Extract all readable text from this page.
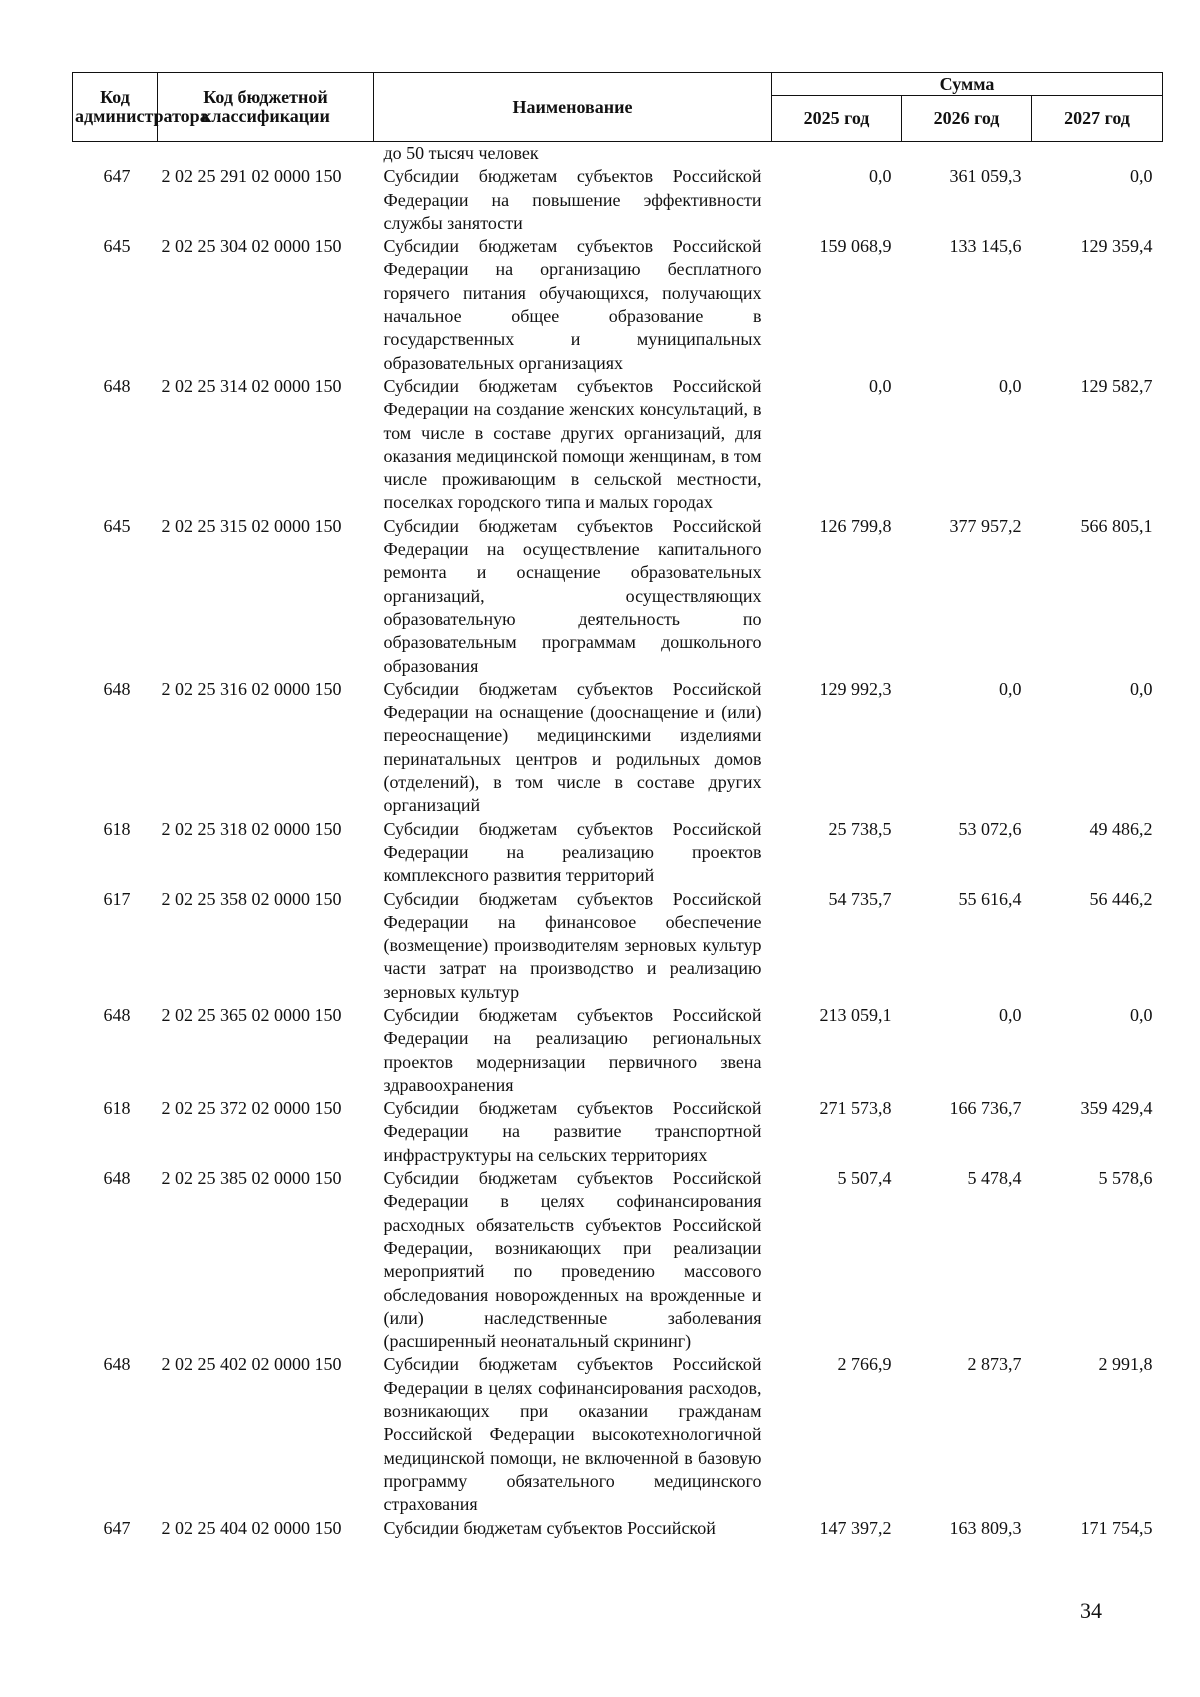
Код администратора	Код бюджетной классификации	Наименование	Сумма		
			2025 год	2026 год	2027 год
		до 50 тысяч человек			
647	2 02 25 291 02 0000 150	Субсидии бюджетам субъектов Российской Федерации на повышение эффективности службы занятости	0,0	361 059,3	0,0
645	2 02 25 304 02 0000 150	Субсидии бюджетам субъектов Российской Федерации на организацию бесплатного горячего питания обучающихся, получающих начальное общее образование в государственных и муниципальных образовательных организациях	159 068,9	133 145,6	129 359,4
648	2 02 25 314 02 0000 150	Субсидии бюджетам субъектов Российской Федерации на создание женских консультаций, в том числе в составе других организаций, для оказания медицинской помощи женщинам, в том числе проживающим в сельской местности, поселках городского типа и малых городах	0,0	0,0	129 582,7
645	2 02 25 315 02 0000 150	Субсидии бюджетам субъектов Российской Федерации на осуществление капитального ремонта и оснащение образовательных организаций, осуществляющих образовательную деятельность по образовательным программам дошкольного образования	126 799,8	377 957,2	566 805,1
648	2 02 25 316 02 0000 150	Субсидии бюджетам субъектов Российской Федерации на оснащение (дооснащение и (или) переоснащение) медицинскими изделиями перинатальных центров и родильных домов (отделений), в том числе в составе других организаций	129 992,3	0,0	0,0
618	2 02 25 318 02 0000 150	Субсидии бюджетам субъектов Российской Федерации на реализацию проектов комплексного развития территорий	25 738,5	53 072,6	49 486,2
617	2 02 25 358 02 0000 150	Субсидии бюджетам субъектов Российской Федерации на финансовое обеспечение (возмещение) производителям зерновых культур части затрат на производство и реализацию зерновых культур	54 735,7	55 616,4	56 446,2
648	2 02 25 365 02 0000 150	Субсидии бюджетам субъектов Российской Федерации на реализацию региональных проектов модернизации первичного звена здравоохранения	213 059,1	0,0	0,0
618	2 02 25 372 02 0000 150	Субсидии бюджетам субъектов Российской Федерации на развитие транспортной инфраструктуры на сельских территориях	271 573,8	166 736,7	359 429,4
648	2 02 25 385 02 0000 150	Субсидии бюджетам субъектов Российской Федерации в целях софинансирования расходных обязательств субъектов Российской Федерации, возникающих при реализации мероприятий по проведению массового обследования новорожденных на врожденные и (или) наследственные заболевания (расширенный неонатальный скрининг)	5 507,4	5 478,4	5 578,6
648	2 02 25 402 02 0000 150	Субсидии бюджетам субъектов Российской Федерации в целях софинансирования расходов, возникающих при оказании гражданам Российской Федерации высокотехнологичной медицинской помощи, не включенной в базовую программу обязательного медицинского страхования	2 766,9	2 873,7	2 991,8
647	2 02 25 404 02 0000 150	Субсидии бюджетам субъектов Российской	147 397,2	163 809,3	171 754,5
34
